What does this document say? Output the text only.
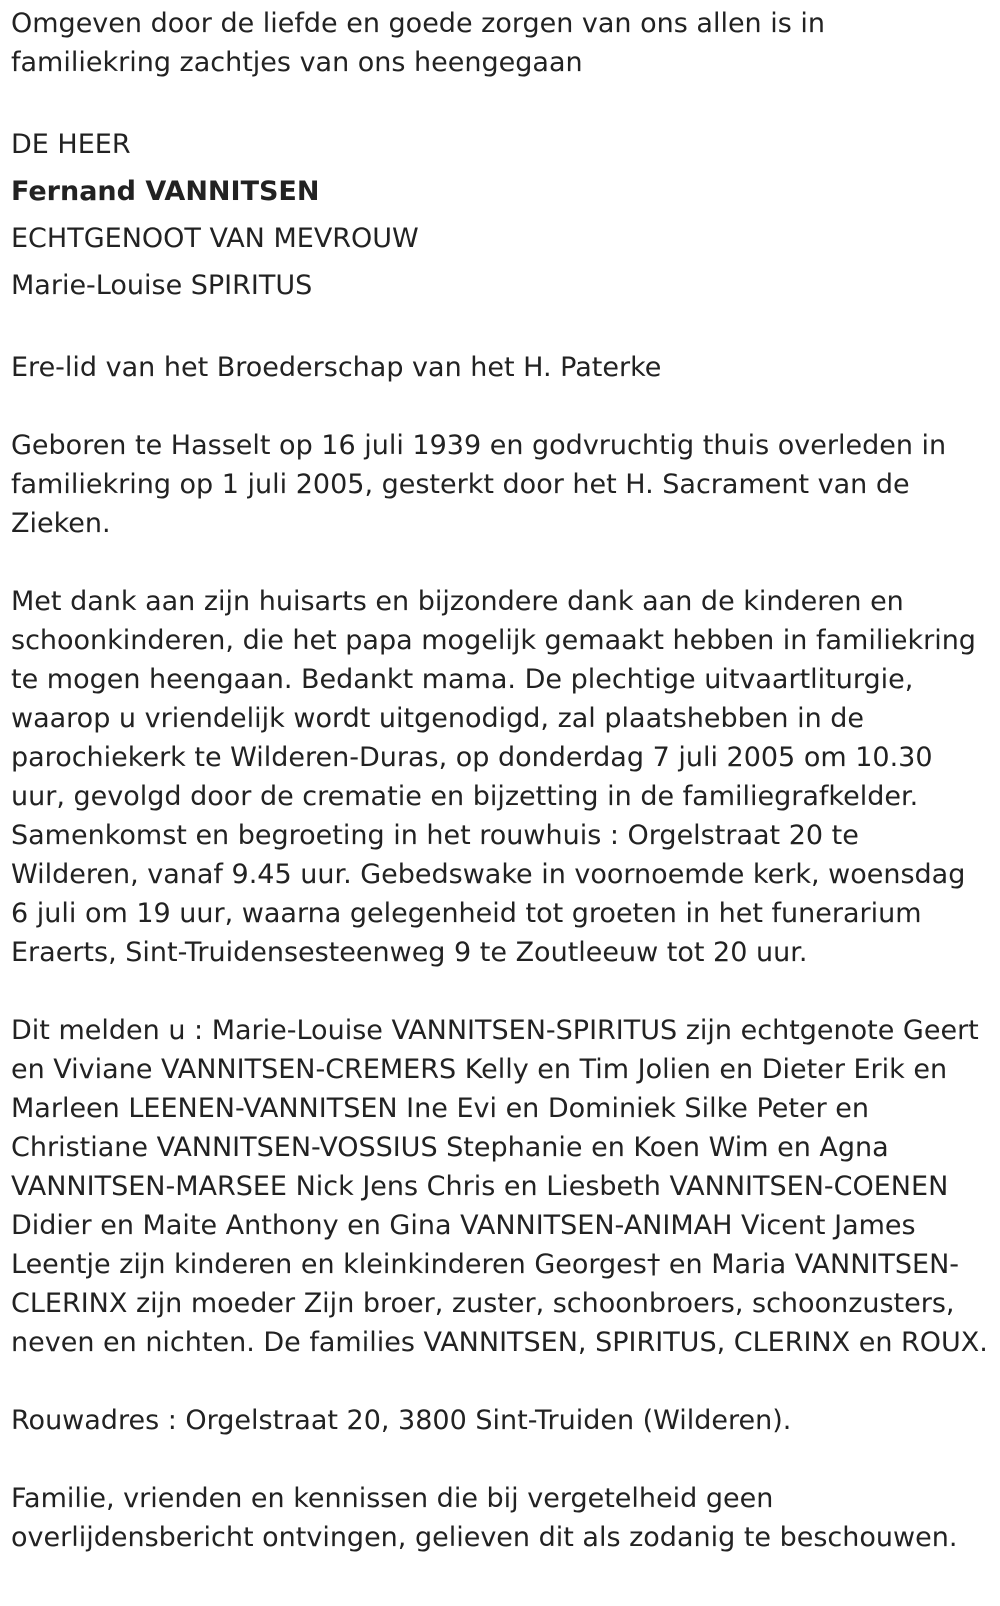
Omgeven door de liefde en goede zorgen van ons allen is in familiekring zachtjes van ons heengegaan

DE HEER

Fernand VANNITSEN

ECHTGENOOT VAN MEVROUW

Marie-Louise SPIRITUS

Ere-lid van het Broederschap van het H. Paterke

Geboren te Hasselt op 16 juli 1939 en godvruchtig thuis overleden in familiekring op 1 juli 2005, gesterkt door het H. Sacrament van de Zieken.

Met dank aan zijn huisarts en bijzondere dank aan de kinderen en schoonkinderen, die het papa mogelijk gemaakt hebben in familiekring te mogen heengaan. Bedankt mama. De plechtige uitvaartliturgie, waarop u vriendelijk wordt uitgenodigd, zal plaatshebben in de parochiekerk te Wilderen-Duras, op donderdag 7 juli 2005 om 10.30 uur, gevolgd door de crematie en bijzetting in de familiegrafkelder. Samenkomst en begroeting in het rouwhuis : Orgelstraat 20 te Wilderen, vanaf 9.45 uur. Gebedswake in voornoemde kerk, woensdag 6 juli om 19 uur, waarna gelegenheid tot groeten in het funerarium Eraerts, Sint-Truidensesteenweg 9 te Zoutleeuw tot 20 uur.

Dit melden u : Marie-Louise VANNITSEN-SPIRITUS zijn echtgenote Geert en Viviane VANNITSEN-CREMERS Kelly en Tim Jolien en Dieter Erik en Marleen LEENEN-VANNITSEN Ine Evi en Dominiek Silke Peter en Christiane VANNITSEN-VOSSIUS Stephanie en Koen Wim en Agna VANNITSEN-MARSEE Nick Jens Chris en Liesbeth VANNITSEN-COENEN Didier en Maite Anthony en Gina VANNITSEN-ANIMAH Vicent James Leentje zijn kinderen en kleinkinderen Georges† en Maria VANNITSEN-CLERINX zijn moeder Zijn broer, zuster, schoonbroers, schoonzusters, neven en nichten. De families VANNITSEN, SPIRITUS, CLERINX en ROUX.

Rouwadres : Orgelstraat 20, 3800 Sint-Truiden (Wilderen).

Familie, vrienden en kennissen die bij vergetelheid geen overlijdensbericht ontvingen, gelieven dit als zodanig te beschouwen.
